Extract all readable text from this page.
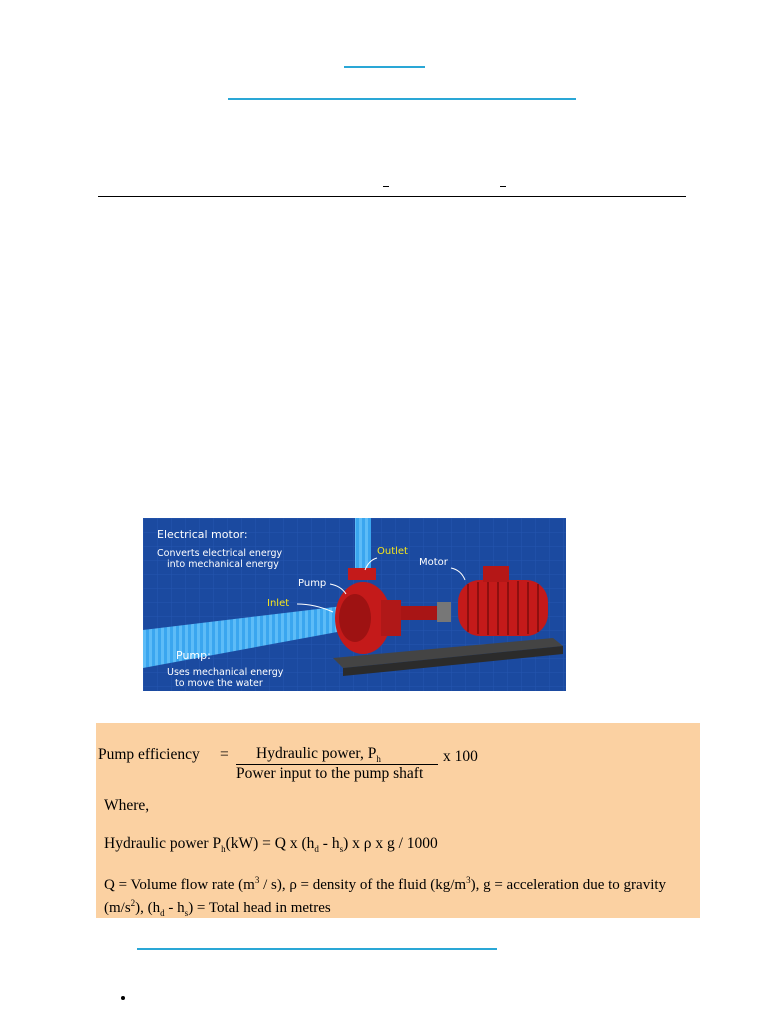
Electrical motor:
Converts electrical energy
into mechanical energy
Outlet
Motor
Pump
Inlet
Pump:
Uses mechanical energy
to move the water
Pump efficiency = Hydraulic power, $P_h$	x 100
Power input to the pump shaft
Where,
Hydraulic power $P_h(kW) = Q$ x $(h_d - h_s)$ x ρ x g / 1000
Q = Volume flow rate $(m^3 / s)$, ρ = density of the fluid $(kg/m^3)$, g = acceleration due to gravity $(m/s^2)$, $(h_d - h_s)$ = Total head in metres
